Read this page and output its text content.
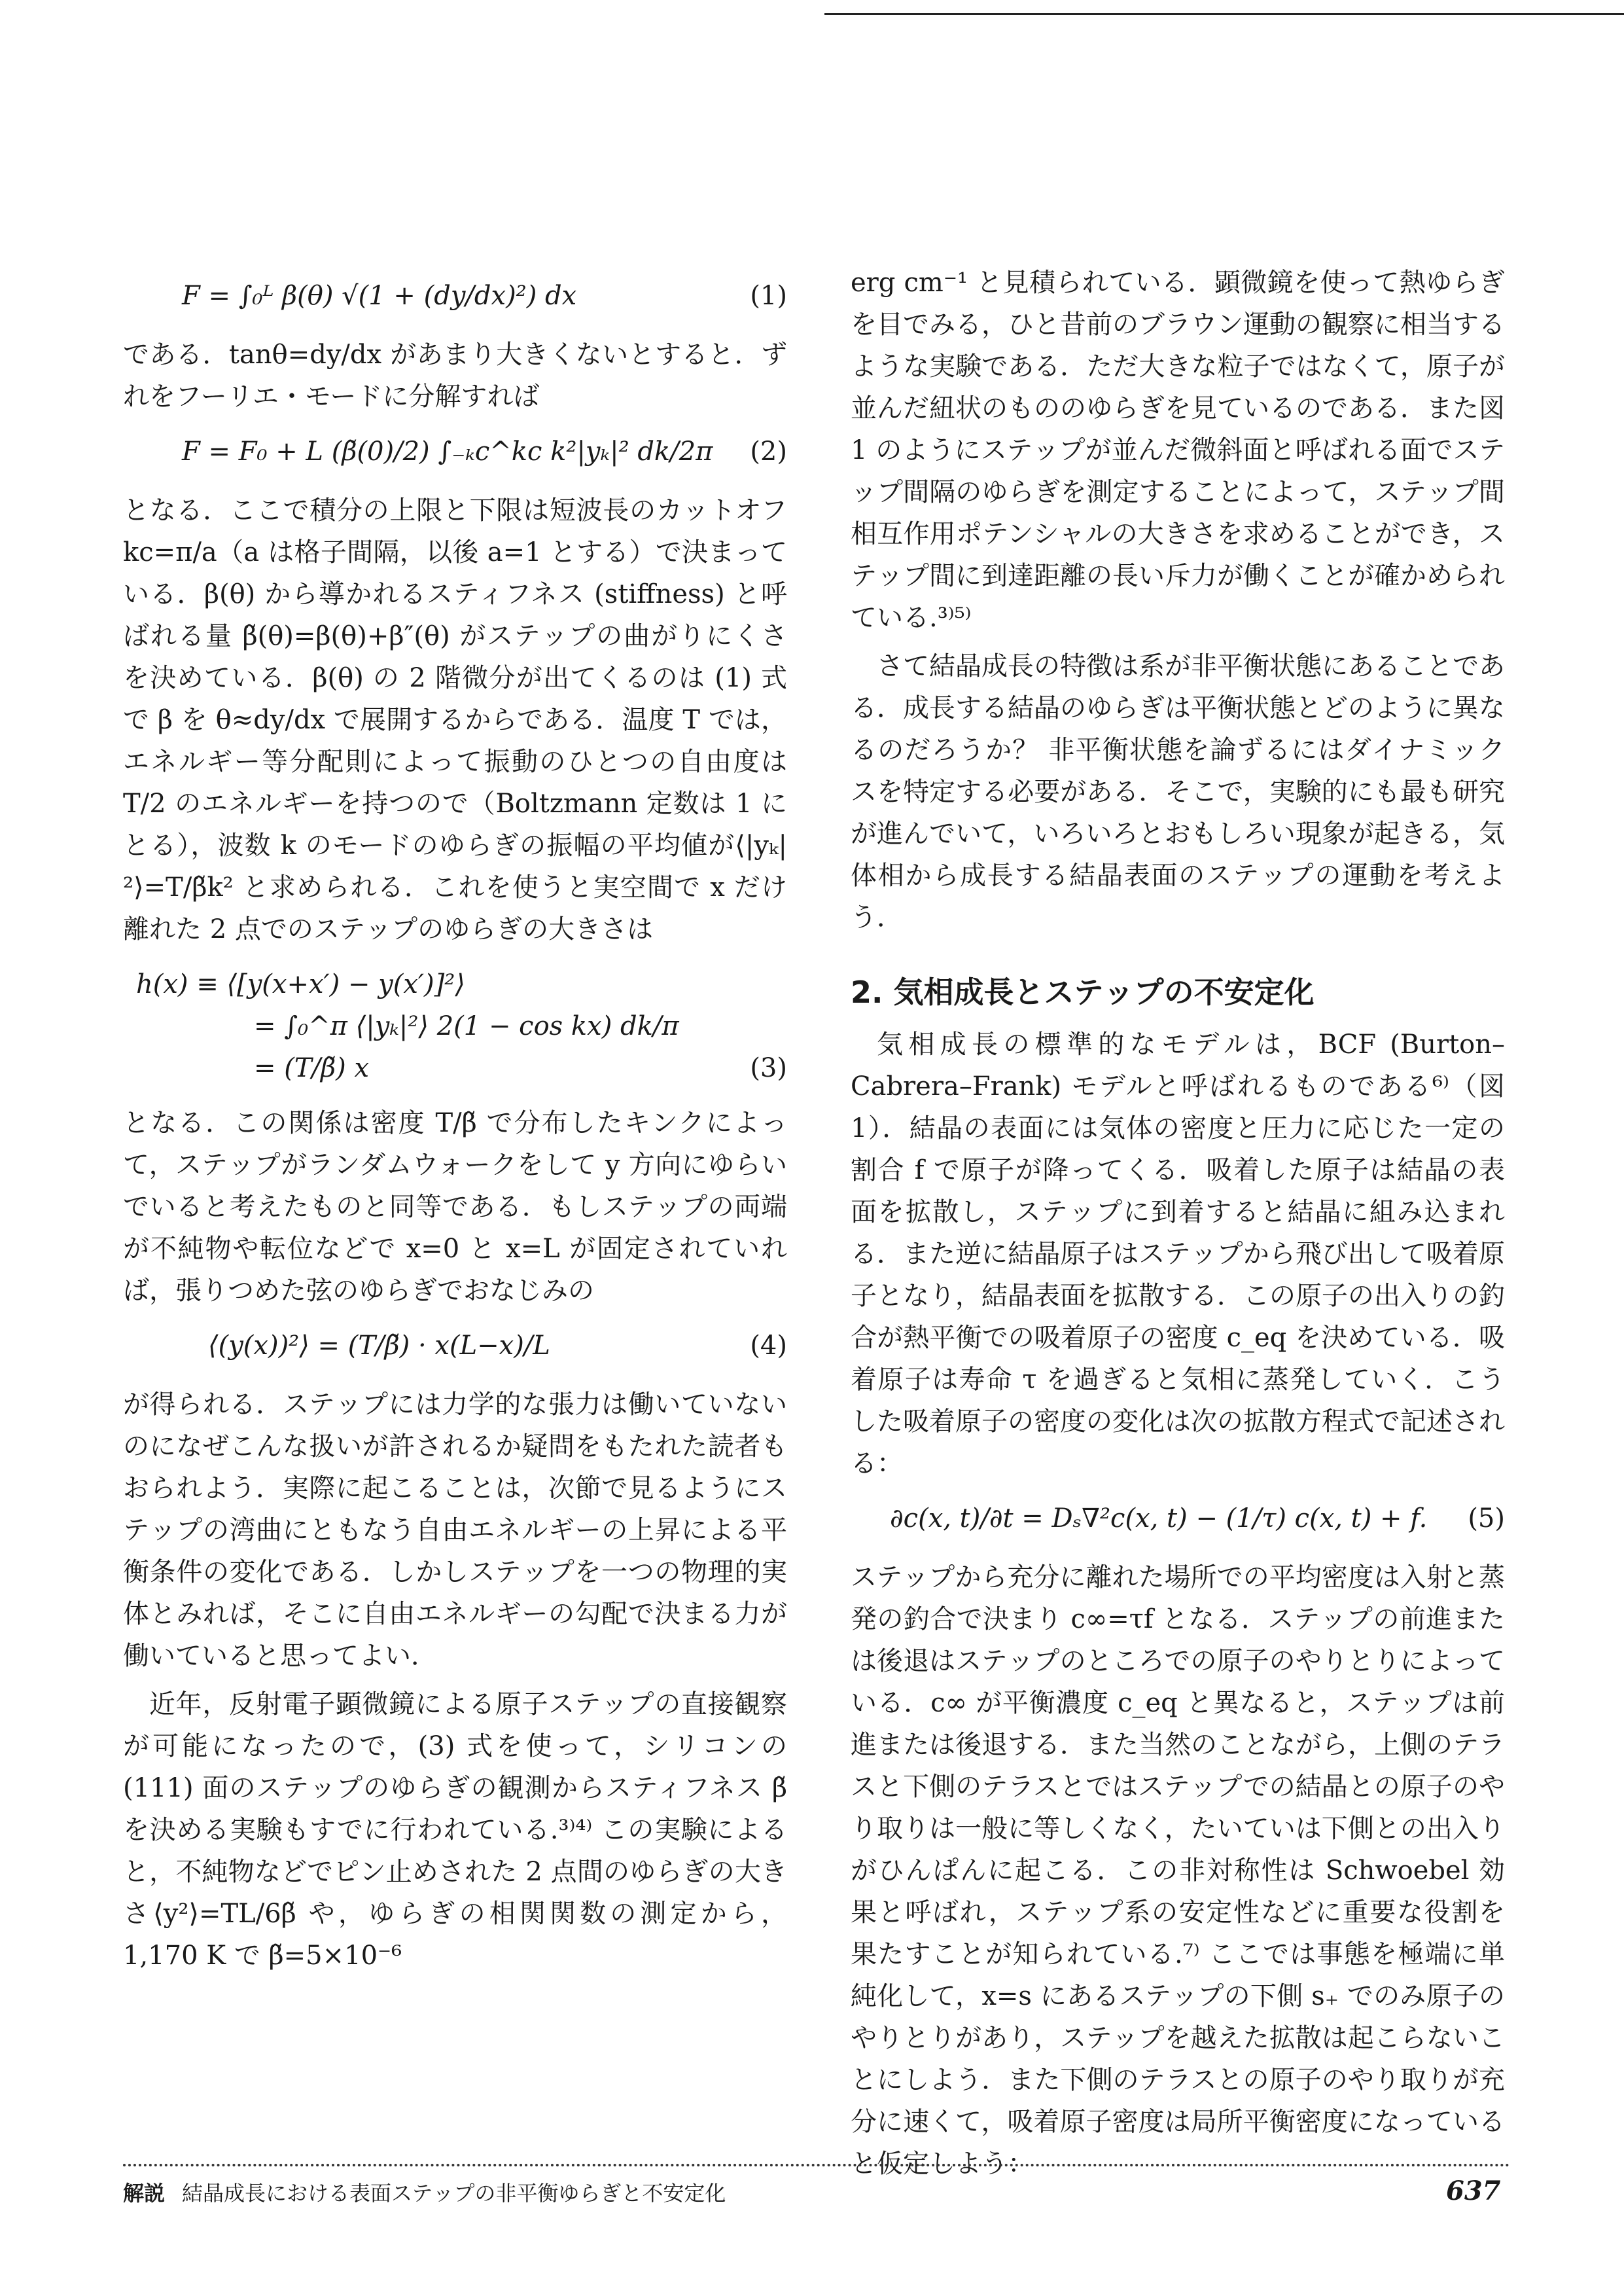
F = ∫₀ᴸ β(θ) √(1 + (dy/dx)²) dx	(1)

である．tanθ=dy/dx があまり大きくないとすると．ずれをフーリエ・モードに分解すれば

F = F₀ + L (β̃(0)/2) ∫₋ₖc^kc k²|yₖ|² dk/2π	(2)

となる．ここで積分の上限と下限は短波長のカットオフ kc=π/a（a は格子間隔，以後 a=1 とする）で決まっている．β(θ) から導かれるスティフネス (stiffness) と呼ばれる量 β̃(θ)=β(θ)+β″(θ) がステップの曲がりにくさを決めている．β(θ) の 2 階微分が出てくるのは (1) 式で β を θ≈dy/dx で展開するからである．温度 T では，エネルギー等分配則によって振動のひとつの自由度は T/2 のエネルギーを持つので（Boltzmann 定数は 1 にとる），波数 k のモードのゆらぎの振幅の平均値が⟨|yₖ|²⟩=T/β̃k² と求められる．これを使うと実空間で x だけ離れた 2 点でのステップのゆらぎの大きさは

h(x) ≡ ⟨[y(x+x′) − y(x′)]²⟩
= ∫₀^π ⟨|yₖ|²⟩ 2(1 − cos kx) dk/π
= (T/β̃) x	(3)

となる．この関係は密度 T/β̃ で分布したキンクによって，ステップがランダムウォークをして y 方向にゆらいでいると考えたものと同等である．もしステップの両端が不純物や転位などで x=0 と x=L が固定されていれば，張りつめた弦のゆらぎでおなじみの

⟨(y(x))²⟩ = (T/β̃) · x(L−x)/L	(4)

が得られる．ステップには力学的な張力は働いていないのになぜこんな扱いが許されるか疑問をもたれた読者もおられよう．実際に起こることは，次節で見るようにステップの湾曲にともなう自由エネルギーの上昇による平衡条件の変化である．しかしステップを一つの物理的実体とみれば，そこに自由エネルギーの勾配で決まる力が働いていると思ってよい．

近年，反射電子顕微鏡による原子ステップの直接観察が可能になったので，(3) 式を使って，シリコンの (111) 面のステップのゆらぎの観測からスティフネス β̃ を決める実験もすでに行われている.³⁾⁴⁾ この実験によると，不純物などでピン止めされた 2 点間のゆらぎの大きさ⟨y²⟩=TL/6β̃ や，ゆらぎの相関関数の測定から，1,170 K で β̃=5×10⁻⁶

erg cm⁻¹ と見積られている．顕微鏡を使って熱ゆらぎを目でみる，ひと昔前のブラウン運動の観察に相当するような実験である．ただ大きな粒子ではなくて，原子が並んだ紐状のもののゆらぎを見ているのである．また図 1 のようにステップが並んだ微斜面と呼ばれる面でステップ間隔のゆらぎを測定することによって，ステップ間相互作用ポテンシャルの大きさを求めることができ，ステップ間に到達距離の長い斥力が働くことが確かめられている.³⁾⁵⁾

さて結晶成長の特徴は系が非平衡状態にあることである．成長する結晶のゆらぎは平衡状態とどのように異なるのだろうか？ 非平衡状態を論ずるにはダイナミックスを特定する必要がある．そこで，実験的にも最も研究が進んでいて，いろいろとおもしろい現象が起きる，気体相から成長する結晶表面のステップの運動を考えよう．

2. 気相成長とステップの不安定化

気相成長の標準的なモデルは，BCF (Burton–Cabrera–Frank) モデルと呼ばれるものである⁶⁾（図 1）．結晶の表面には気体の密度と圧力に応じた一定の割合 f で原子が降ってくる．吸着した原子は結晶の表面を拡散し，ステップに到着すると結晶に組み込まれる．また逆に結晶原子はステップから飛び出して吸着原子となり，結晶表面を拡散する．この原子の出入りの釣合が熱平衡での吸着原子の密度 c_eq を決めている．吸着原子は寿命 τ を過ぎると気相に蒸発していく．こうした吸着原子の密度の変化は次の拡散方程式で記述される：

∂c(x, t)/∂t = Dₛ∇²c(x, t) − (1/τ) c(x, t) + f.	(5)

ステップから充分に離れた場所での平均密度は入射と蒸発の釣合で決まり c∞=τf となる．ステップの前進または後退はステップのところでの原子のやりとりによっている．c∞ が平衡濃度 c_eq と異なると，ステップは前進または後退する．また当然のことながら，上側のテラスと下側のテラスとではステップでの結晶との原子のやり取りは一般に等しくなく，たいていは下側との出入りがひんぱんに起こる．この非対称性は Schwoebel 効果と呼ばれ，ステップ系の安定性などに重要な役割を果たすことが知られている.⁷⁾ ここでは事態を極端に単純化して，x=s にあるステップの下側 s₊ でのみ原子のやりとりがあり，ステップを越えた拡散は起こらないことにしよう．また下側のテラスとの原子のやり取りが充分に速くて，吸着原子密度は局所平衡密度になっていると仮定しよう：

解説 結晶成長における表面ステップの非平衡ゆらぎと不安定化	637
